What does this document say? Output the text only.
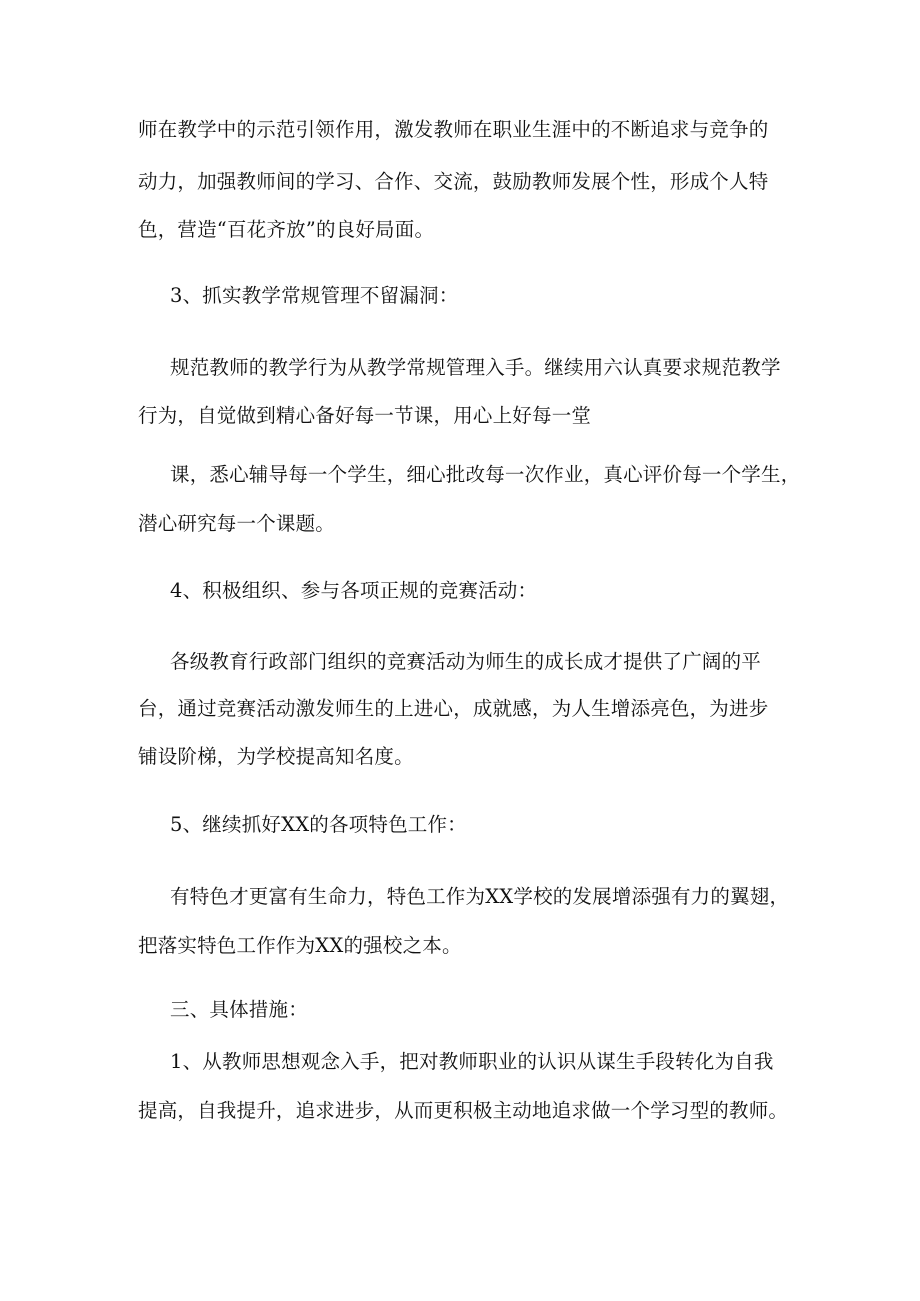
师在教学中的示范引领作用，激发教师在职业生涯中的不断追求与竞争的
动力，加强教师间的学习、合作、交流，鼓励教师发展个性，形成个人特
色，营造“百花齐放”的良好局面。
3、抓实教学常规管理不留漏洞：
规范教师的教学行为从教学常规管理入手。继续用六认真要求规范教学
行为，自觉做到精心备好每一节课，用心上好每一堂
课，悉心辅导每一个学生，细心批改每一次作业，真心评价每一个学生，
潜心研究每一个课题。
4、积极组织、参与各项正规的竞赛活动：
各级教育行政部门组织的竞赛活动为师生的成长成才提供了广阔的平
台，通过竞赛活动激发师生的上进心，成就感，为人生增添亮色，为进步
铺设阶梯，为学校提高知名度。
5、继续抓好XX的各项特色工作：
有特色才更富有生命力，特色工作为XX学校的发展增添强有力的翼翅，
把落实特色工作作为XX的强校之本。
三、具体措施：
1、从教师思想观念入手，把对教师职业的认识从谋生手段转化为自我
提高，自我提升，追求进步，从而更积极主动地追求做一个学习型的教师。
